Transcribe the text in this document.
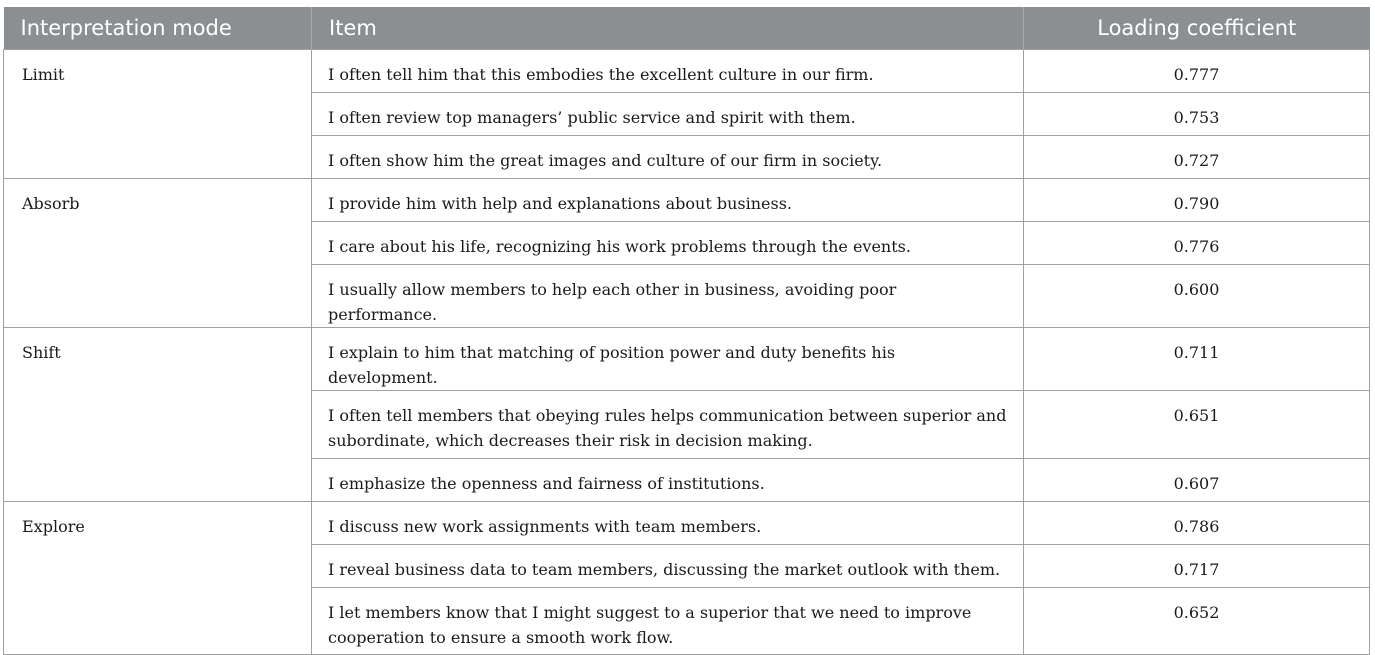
Interpretation mode	Item	Loading coefficient
Limit	I often tell him that this embodies the excellent culture in our firm.	0.777
	I often review top managers’ public service and spirit with them.	0.753
	I often show him the great images and culture of our firm in society.	0.727
Absorb	I provide him with help and explanations about business.	0.790
	I care about his life, recognizing his work problems through the events.	0.776
	I usually allow members to help each other in business, avoiding poor performance.	0.600
Shift	I explain to him that matching of position power and duty benefits his development.	0.711
	I often tell members that obeying rules helps communication between superior and subordinate, which decreases their risk in decision making.	0.651
	I emphasize the openness and fairness of institutions.	0.607
Explore	I discuss new work assignments with team members.	0.786
	I reveal business data to team members, discussing the market outlook with them.	0.717
	I let members know that I might suggest to a superior that we need to improve cooperation to ensure a smooth work flow.	0.652
